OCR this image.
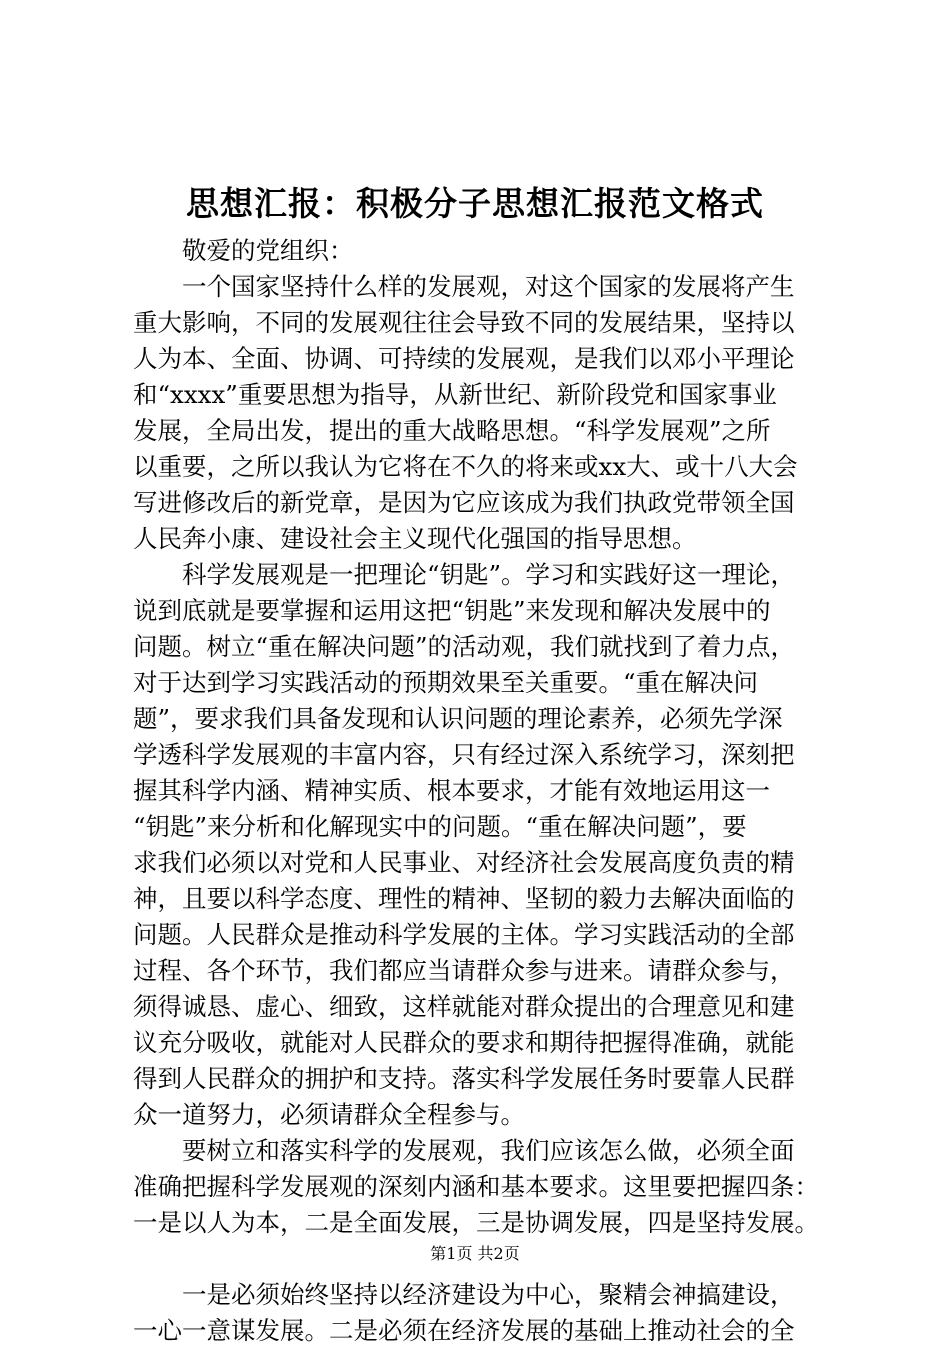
思想汇报：积极分子思想汇报范文格式

敬爱的党组织：

一个国家坚持什么样的发展观，对这个国家的发展将产生

重大影响，不同的发展观往往会导致不同的发展结果，坚持以

人为本、全面、协调、可持续的发展观，是我们以邓小平理论

和“xxxx”重要思想为指导，从新世纪、新阶段党和国家事业

发展，全局出发，提出的重大战略思想。“科学发展观”之所

以重要，之所以我认为它将在不久的将来或xx大、或十八大会

写进修改后的新党章，是因为它应该成为我们执政党带领全国

人民奔小康、建设社会主义现代化强国的指导思想。

科学发展观是一把理论“钥匙”。学习和实践好这一理论，

说到底就是要掌握和运用这把“钥匙”来发现和解决发展中的

问题。树立“重在解决问题”的活动观，我们就找到了着力点，

对于达到学习实践活动的预期效果至关重要。“重在解决问

题”，要求我们具备发现和认识问题的理论素养，必须先学深

学透科学发展观的丰富内容，只有经过深入系统学习，深刻把

握其科学内涵、精神实质、根本要求，才能有效地运用这一

“钥匙”来分析和化解现实中的问题。“重在解决问题”，要

求我们必须以对党和人民事业、对经济社会发展高度负责的精

神，且要以科学态度、理性的精神、坚韧的毅力去解决面临的

问题。人民群众是推动科学发展的主体。学习实践活动的全部

过程、各个环节，我们都应当请群众参与进来。请群众参与，

须得诚恳、虚心、细致，这样就能对群众提出的合理意见和建

议充分吸收，就能对人民群众的要求和期待把握得准确，就能

得到人民群众的拥护和支持。落实科学发展任务时要靠人民群

众一道努力，必须请群众全程参与。

要树立和落实科学的发展观，我们应该怎么做，必须全面

准确把握科学发展观的深刻内涵和基本要求。这里要把握四条：

一是以人为本，二是全面发展，三是协调发展，四是坚持发展。

一是必须始终坚持以经济建设为中心，聚精会神搞建设，

一心一意谋发展。二是必须在经济发展的基础上推动社会的全

第1页 共2页
